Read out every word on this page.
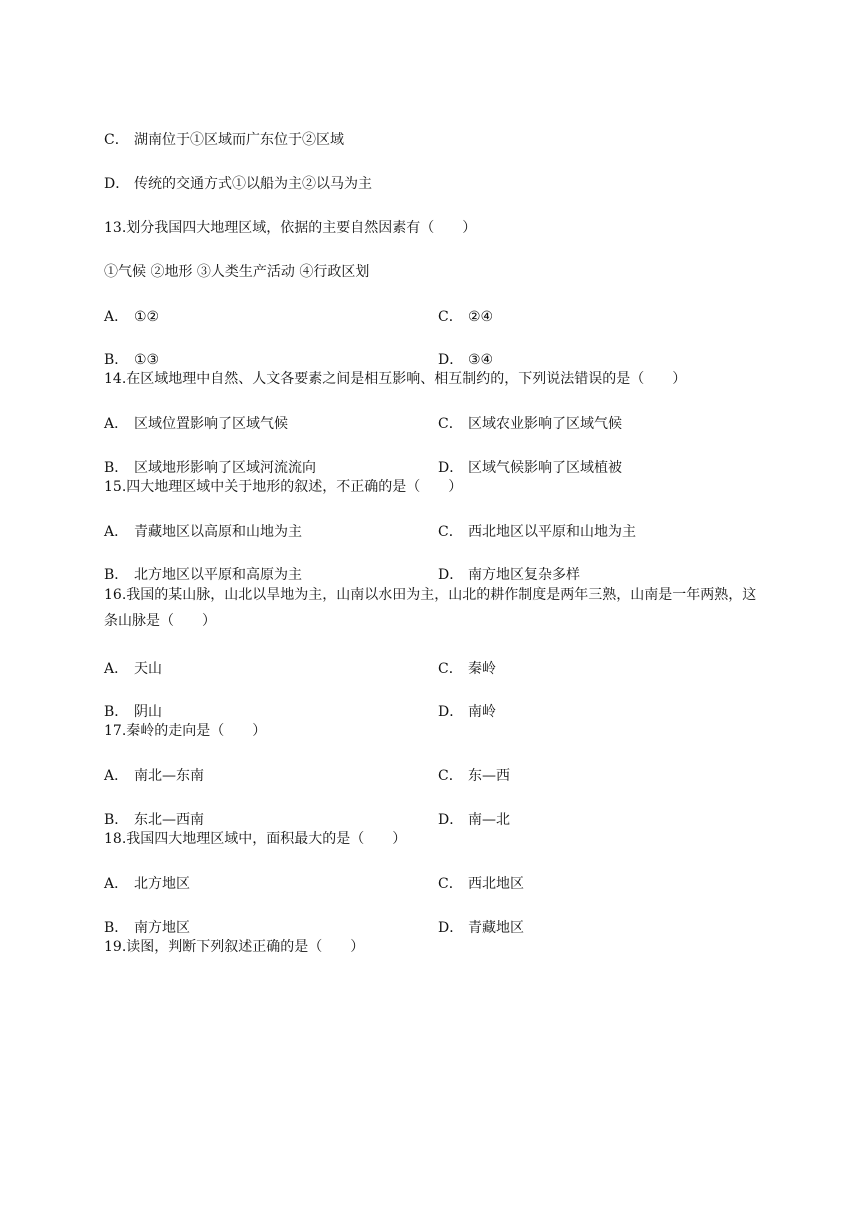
C． 湖南位于①区域而广东位于②区域
D． 传统的交通方式①以船为主②以马为主
13.划分我国四大地理区域，依据的主要自然因素有（　　）
①气候 ②地形 ③人类生产活动 ④行政区划
A． ①②	C． ②④
B． ①③	D． ③④
14.在区域地理中自然、人文各要素之间是相互影响、相互制约的，下列说法错误的是（　　）
A． 区域位置影响了区域气候	C． 区域农业影响了区域气候
B． 区域地形影响了区域河流流向	D． 区域气候影响了区域植被
15.四大地理区域中关于地形的叙述，不正确的是（　　）
A． 青藏地区以高原和山地为主	C． 西北地区以平原和山地为主
B． 北方地区以平原和高原为主	D． 南方地区复杂多样
16.我国的某山脉，山北以旱地为主，山南以水田为主，山北的耕作制度是两年三熟，山南是一年两熟，这条山脉是（　　）
A． 天山	C． 秦岭
B． 阴山	D． 南岭
17.秦岭的走向是（　　）
A． 南北—东南	C． 东—西
B． 东北—西南	D． 南—北
18.我国四大地理区域中，面积最大的是（　　）
A． 北方地区	C． 西北地区
B． 南方地区	D． 青藏地区
19.读图，判断下列叙述正确的是（　　）
